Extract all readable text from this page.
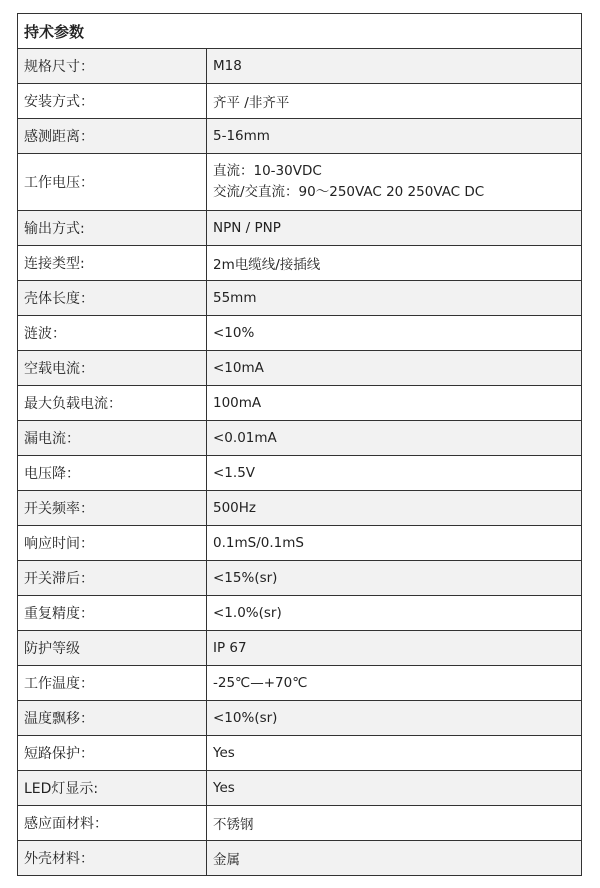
持术参数	
规格尺寸：	M18
安装方式：	齐平 /非齐平
感测距离：	5-16mm
工作电压：	直流：10-30VDC
交流/交直流：90～250VAC 20 250VAC DC

输出方式:	NPN / PNP
连接类型:	2m电缆线/接插线
壳体长度：	55mm
涟波：	<10%
空载电流：	<10mA
最大负载电流：	100mA
漏电流：	<0.01mA
电压降：	<1.5V
开关频率：	500Hz
响应时间：	0.1mS/0.1mS
开关滞后：	<15%(sr)
重复精度：	<1.0%(sr)
防护等级	IP 67
工作温度：	-25℃—+70℃
温度飘移：	<10%(sr)
短路保护：	Yes
LED灯显示:	Yes
感应面材料：	不锈钢
外壳材料：	金属
